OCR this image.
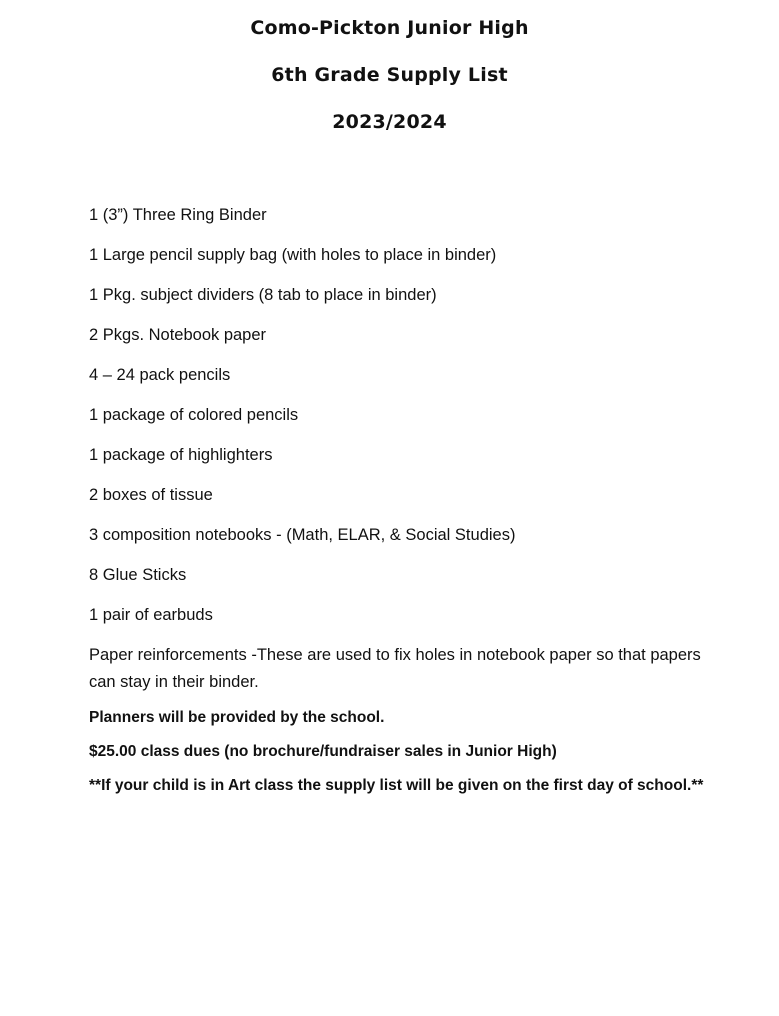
Como-Pickton Junior High
6th Grade Supply List
2023/2024
1 (3”) Three Ring Binder
1 Large pencil supply bag (with holes to place in binder)
1 Pkg. subject dividers (8 tab to place in binder)
2 Pkgs. Notebook paper
4 – 24 pack pencils
1 package of colored pencils
1 package of highlighters
2 boxes of tissue
3 composition notebooks - (Math, ELAR, & Social Studies)
8 Glue Sticks
1 pair of earbuds

Paper reinforcements -These are used to fix holes in notebook paper so that papers can stay in their binder.

Planners will be provided by the school.

$25.00 class dues (no brochure/fundraiser sales in Junior High)

**If your child is in Art class the supply list will be given on the first day of school.**
